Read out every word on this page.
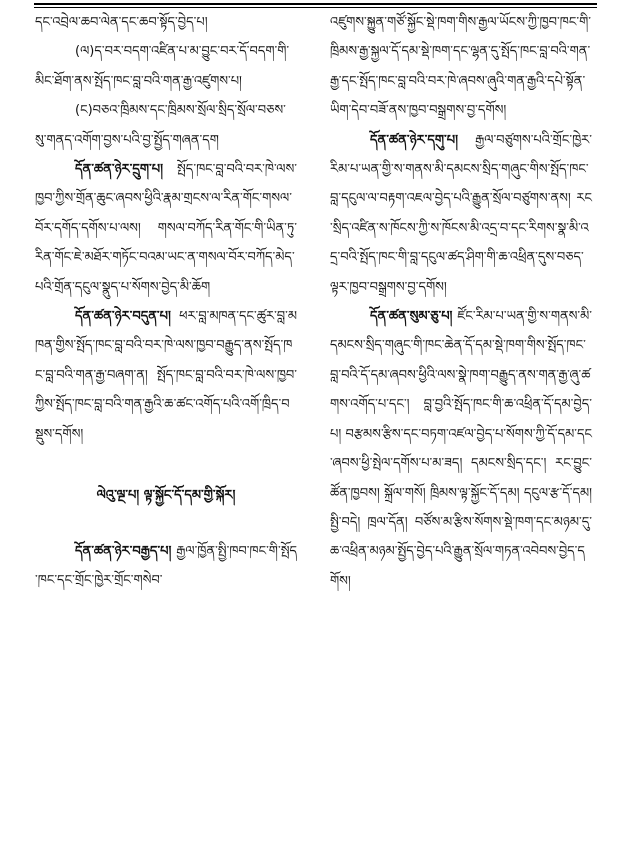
དང་འབྲེལ་ཆབ་ལེན་དང་ཆབ་སྟོད་བྱེད་པ།

(ལ)ད་བར་བདག་འཛིན་པ་མ་བྱུང་བར་དོ་བདག་གི་མིང་ཐོག་ནས་སྤོད་ཁང་བླ་བའི་གན་རྒྱ་འཛུགས་པ།

(ང)བཅའ་ཁྲིམས་དང་ཁྲིམས་སྲོལ་སྲིད་སྲོལ་བཅས་སུ་གནད་འགོག་བྱས་པའི་བྱ་སྤྱོད་གཞན་དག

དོན་ཚན་ཉེར་དྲུག་པ། སྤོད་ཁང་བླ་བའི་བར་ཁེ་ལས་ཁྱབ་ཀྱིས་གྲོན་ཆུང་ཞབས་ཕྱིའི་རྣམ་གྲངས་ལ་རིན་གོང་གསལ་བོར་དགོད་དགོས་པ་ལས། གསལ་བཀོད་རིན་གོང་གི་ཡིན་ཏུ་རིན་གོང་ཇེ་མཐོར་གཏོང་བའམ་ཡང་ན་གསལ་བོར་བཀོད་མེད་པའི་གྲོན་དངུལ་སྣུད་པ་སོགས་བྱེད་མི་ཆོག

དོན་ཚན་ཉེར་བདུན་པ། ཕར་བླ་མཁན་དང་ཚུར་བླ་མཁན་གྱིས་སྤོད་ཁང་བླ་བའི་བར་ཁེ་ལས་ཁྱབ་བརྒྱུད་ནས་སྤོད་ཁང་བླ་བའི་གན་རྒྱ་བཞག་ན། སྤོད་ཁང་བླ་བའི་བར་ཁེ་ལས་ཁྱབ་ཀྱིས་སྤོད་ཁང་བླ་བའི་གན་རྒྱའི་ཆ་ཚང་འགོད་པའི་འགོ་ཁྲིད་བསྡུས་དགོས།

ལེའུ་ལྔ་པ། ལྟ་སྐྱོང་དོ་དམ་གྱི་སྐོར།

དོན་ཚན་ཉེར་བརྒྱད་པ། རྒྱལ་ཁྱོན་སྤྱི་ཁབ་ཁང་གི་སྤོད་ཁང་དང་གྲོང་ཁྱེར་གྲོང་གསེབ་

འཛུགས་སྐྱུན་གཙོ་སྐྱོང་སྡེ་ཁག་གིས་རྒྱལ་ཡོངས་ཀྱི་ཁྱབ་ཁང་གི་ཁྲིམས་རྒྱ་སྐྱལ་དོ་དམ་སྡེ་ཁག་དང་ལྷན་དུ་སྤོད་ཁང་བླ་བའི་གན་རྒྱ་དང་སྤོད་ཁང་བླ་བའི་བར་ཁེ་ཞབས་ཞུའི་གན་རྒྱའི་དཔེ་སྟོན་ཡིག་དེབ་བཟོ་ནས་ཁྱབ་བསྒྲགས་བྱ་དགོས།

དོན་ཚན་ཉེར་དགུ་པ། རྒྱལ་བཙུགས་པའི་གྲོང་ཁྱེར་རིམ་པ་ཡན་གྱི་ས་གནས་མི་དམངས་སྲིད་གཞུང་གིས་སྤོད་ཁང་བླ་དངུལ་ལ་བརྟག་འཇལ་བྱེད་པའི་རྒྱུན་སྲོལ་བཙུགས་ནས། རང་སྲིད་འཛིན་ས་ཁོངས་ཀྱི་ས་ཁོངས་མི་འདྲ་བ་དང་རིགས་སྣ་མི་འདྲ་བའི་སྤོད་ཁང་གི་བླ་དངུལ་ཚད་ཤིག་གི་ཆ་འཕྲིན་དུས་བཅད་ལྟར་ཁྱབ་བསྒྲགས་བྱ་དགོས།

དོན་ཚན་སུམ་ཅུ་པ། ཛོང་རིམ་པ་ཡན་གྱི་ས་གནས་མི་དམངས་སྲིད་གཞུང་གི་ཁང་ཆེན་དོ་དམ་སྡེ་ཁག་གིས་སྤོད་ཁང་བླ་བའི་དོ་དམ་ཞབས་ཕྱིའི་ལས་སྣེ་ཁག་བརྒྱུད་ནས་གན་རྒྱ་ཞུ་ཚགས་འགོད་པ་དང་། བླ་བྱའི་སྤོད་ཁང་གི་ཆ་འཕྲིན་དོ་དམ་བྱེད་པ། བརྩམས་རྩིས་དང་བཏག་འཛལ་བྱེད་པ་སོགས་ཀྱི་དོ་དམ་དང་ཞབས་ཕྱི་སྤེལ་དགོས་པ་མ་ཟད། དམངས་སྲིད་དང་། རང་བྱུང་ཚོན་ཁྱབས། སྐྲོལ་གསོ། ཁྲིམས་ལྟ་སྐྱོང་དོ་དམ། དངུལ་རྩ་དོ་དམ། སྤྱི་བདེ། ཁྲལ་དོན། བཙོས་མ་རྩིས་སོགས་སྡེ་ཁག་དང་མཉམ་དུ་ཆ་འཕྲིན་མཉམ་སྤྱོད་བྱེད་པའི་རྒྱུན་སྲོལ་གཏན་འབེབས་བྱེད་དགོས།
